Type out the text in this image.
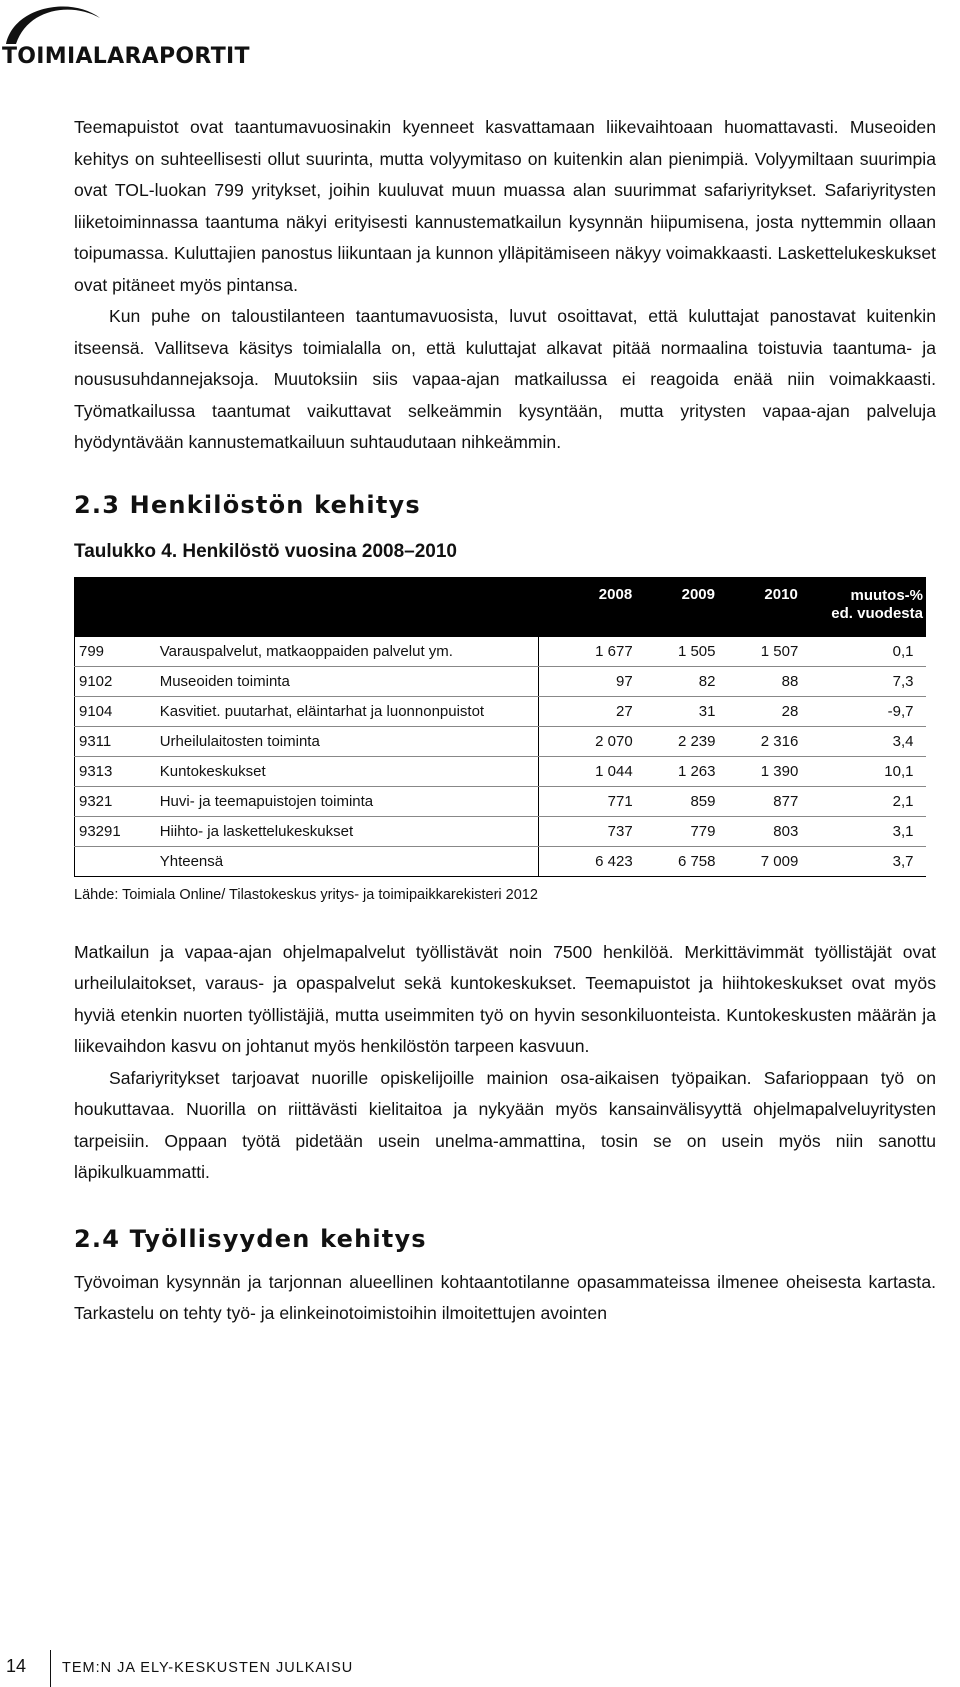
TOIMIALARAPORTIT

Teemapuistot ovat taantumavuosinakin kyenneet kasvattamaan liikevaihtoaan huomattavasti. Museoiden kehitys on suhteellisesti ollut suurinta, mutta volyymitaso on kuitenkin alan pienimpiä. Volyymiltaan suurimpia ovat TOL-luokan 799 yritykset, joihin kuuluvat muun muassa alan suurimmat safariyritykset. Safariyritysten liiketoiminnassa taantuma näkyi erityisesti kannustematkailun kysynnän hiipumisena, josta nyttemmin ollaan toipumassa. Kuluttajien panostus liikuntaan ja kunnon ylläpitämiseen näkyy voimakkaasti. Laskettelukeskukset ovat pitäneet myös pintansa.

Kun puhe on taloustilanteen taantumavuosista, luvut osoittavat, että kuluttajat panostavat kuitenkin itseensä. Vallitseva käsitys toimialalla on, että kuluttajat alkavat pitää normaalina toistuvia taantuma- ja noususuhdannejaksoja. Muutoksiin siis vapaa-ajan matkailussa ei reagoida enää niin voimakkaasti. Työmatkailussa taantumat vaikuttavat selkeämmin kysyntään, mutta yritysten vapaa-ajan palveluja hyödyntävään kannustematkailuun suhtaudutaan nihkeämmin.

2.3 Henkilöstön kehitys
Taulukko 4. Henkilöstö vuosina 2008–2010
		2008	2009	2010	muutos-%
ed. vuodesta
799	Varauspalvelut, matkaoppaiden palvelut ym.	1 677	1 505	1 507	0,1
9102	Museoiden toiminta	97	82	88	7,3
9104	Kasvitiet. puutarhat, eläintarhat ja luonnonpuistot	27	31	28	-9,7
9311	Urheilulaitosten toiminta	2 070	2 239	2 316	3,4
9313	Kuntokeskukset	1 044	1 263	1 390	10,1
9321	Huvi- ja teemapuistojen toiminta	771	859	877	2,1
93291	Hiihto- ja laskettelukeskukset	737	779	803	3,1
	Yhteensä	6 423	6 758	7 009	3,7
Lähde: Toimiala Online/ Tilastokeskus yritys- ja toimipaikkarekisteri 2012

Matkailun ja vapaa-ajan ohjelmapalvelut työllistävät noin 7500 henkilöä. Merkittävimmät työllistäjät ovat urheilulaitokset, varaus- ja opaspalvelut sekä kuntokeskukset. Teemapuistot ja hiihtokeskukset ovat myös hyviä etenkin nuorten työllistäjiä, mutta useimmiten työ on hyvin sesonkiluonteista. Kuntokeskusten määrän ja liikevaihdon kasvu on johtanut myös henkilöstön tarpeen kasvuun.

Safariyritykset tarjoavat nuorille opiskelijoille mainion osa-aikaisen työpaikan. Safarioppaan työ on houkuttavaa. Nuorilla on riittävästi kielitaitoa ja nykyään myös kansainvälisyyttä ohjelmapalveluyritysten tarpeisiin. Oppaan työtä pidetään usein unelma-ammattina, tosin se on usein myös niin sanottu läpikulkuammatti.

2.4 Työllisyyden kehitys

Työvoiman kysynnän ja tarjonnan alueellinen kohtaantotilanne opasammateissa ilmenee oheisesta kartasta. Tarkastelu on tehty työ- ja elinkeinotoimistoihin ilmoitettujen avointen

14 TEM:N JA ELY-KESKUSTEN JULKAISU
